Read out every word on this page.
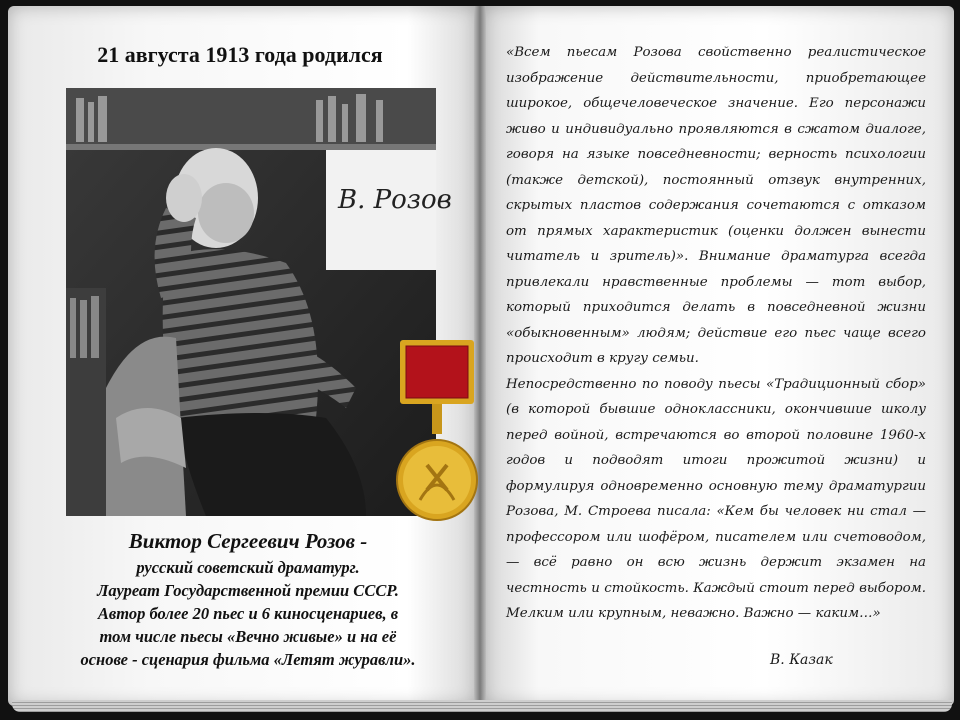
21 августа 1913 года родился
В. Розов

Виктор Сергеевич Розов -
русский советский драматург.
Лауреат Государственной премии СССР.
Автор более 20 пьес и 6 киносценариев, в
том числе пьесы «Вечно живые» и на её
основе - сценария фильма «Летят журавли».

«Всем пьесам Розова свойственно реалистическое изображение действительности, приобретающее широкое, общечеловеческое значение. Его персонажи живо и индивидуально проявляются в сжатом диалоге, говоря на языке повседневности; верность психологии (также детской), постоянный отзвук внутренних, скрытых пластов содержания сочетаются с отказом от прямых характеристик (оценки должен вынести читатель и зритель)». Внимание драматурга всегда привлекали нравственные проблемы — тот выбор, который приходится делать в повседневной жизни «обыкновенным» людям; действие его пьес чаще всего происходит в кругу семьи.

Непосредственно по поводу пьесы «Традиционный сбор» (в которой бывшие одноклассники, окончившие школу перед войной, встречаются во второй половине 1960-х годов и подводят итоги прожитой жизни) и формулируя одновременно основную тему драматургии Розова, М. Строева писала: «Кем бы человек ни стал — профессором или шофёром, писателем или счетоводом, — всё равно он всю жизнь держит экзамен на честность и стойкость. Каждый стоит перед выбором. Мелким или крупным, неважно. Важно — каким…»

В. Казак
